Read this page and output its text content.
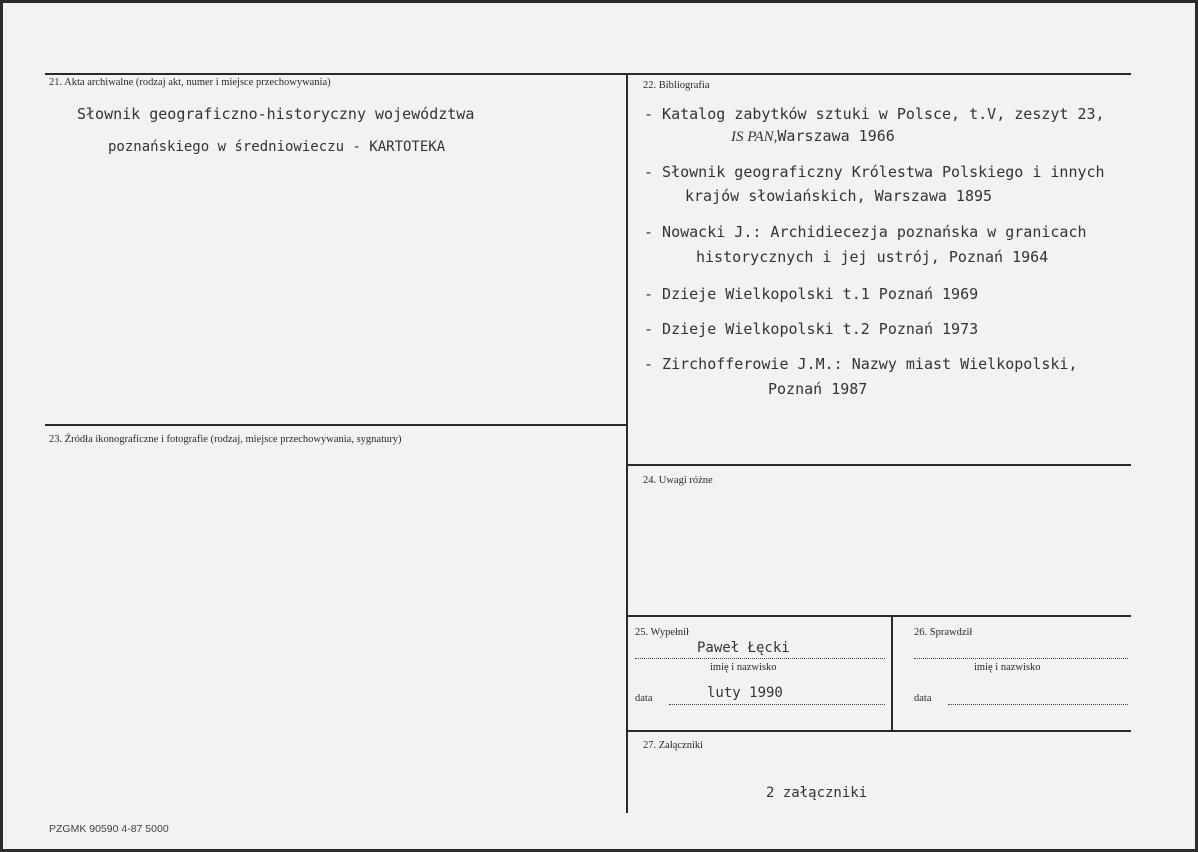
21. Akta archiwalne (rodzaj akt, numer i miejsce przechowywania)
Słownik geograficzno-historyczny województwa
poznańskiego w średniowieczu - KARTOTEKA
22. Bibliografia
- Katalog zabytków sztuki w Polsce, t.V, zeszyt 23,
IS PAN,Warszawa 1966
- Słownik geograficzny Królestwa Polskiego i innych
krajów słowiańskich, Warszawa 1895
- Nowacki J.: Archidiecezja poznańska w granicach
historycznych i jej ustrój, Poznań 1964
- Dzieje Wielkopolski t.1 Poznań 1969
- Dzieje Wielkopolski t.2 Poznań 1973
- Zirchofferowie J.M.: Nazwy miast Wielkopolski,
Poznań 1987
23. Źródła ikonograficzne i fotografie (rodzaj, miejsce przechowywania, sygnatury)
24. Uwagi różne
25. Wypełnił
Paweł Łęcki
imię i nazwisko
data	luty 1990
26. Sprawdził
imię i nazwisko
data
27. Załączniki
2 załączniki
PZGMK 90590 4-87 5000
